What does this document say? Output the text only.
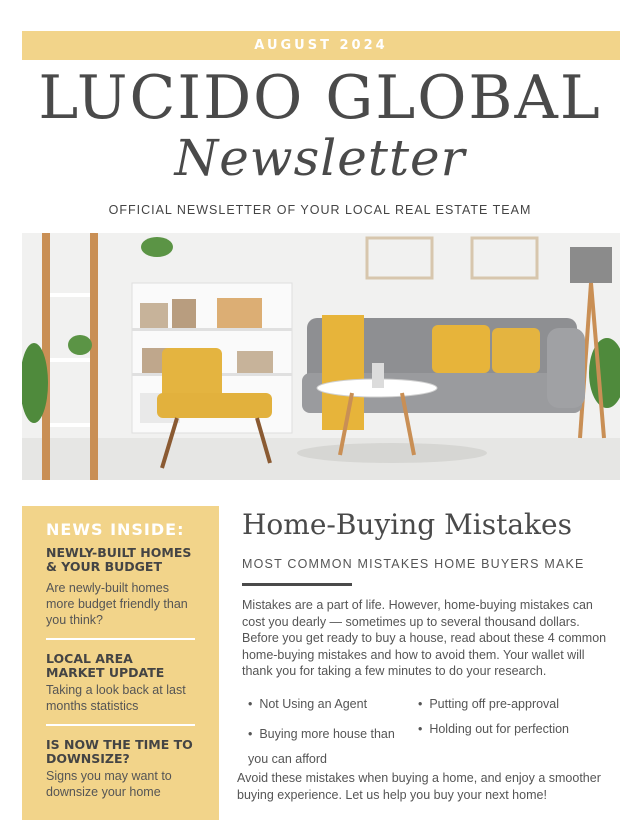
AUGUST 2024
LUCIDO GLOBAL
Newsletter
OFFICIAL NEWSLETTER OF YOUR LOCAL REAL ESTATE TEAM
NEWS INSIDE:
NEWLY-BUILT HOMES & YOUR BUDGET
Are newly-built homes more budget friendly than you think?
LOCAL AREA MARKET UPDATE
Taking a look back at last months statistics
IS NOW THE TIME TO DOWNSIZE?
Signs you may want to downsize your home
Home-Buying Mistakes
MOST COMMON MISTAKES HOME BUYERS MAKE
Mistakes are a part of life. However, home-buying mistakes can cost you dearly — sometimes up to several thousand dollars. Before you get ready to buy a house, read about these 4 common home-buying mistakes and how to avoid them. Your wallet will thank you for taking a few minutes to do your research.
•  Not Using an Agent	•  Putting off pre-approval
•  Buying more house than you can afford
•  Holding out for perfection
Avoid these mistakes when buying a home, and enjoy a smoother buying experience. Let us help you buy your next home!
